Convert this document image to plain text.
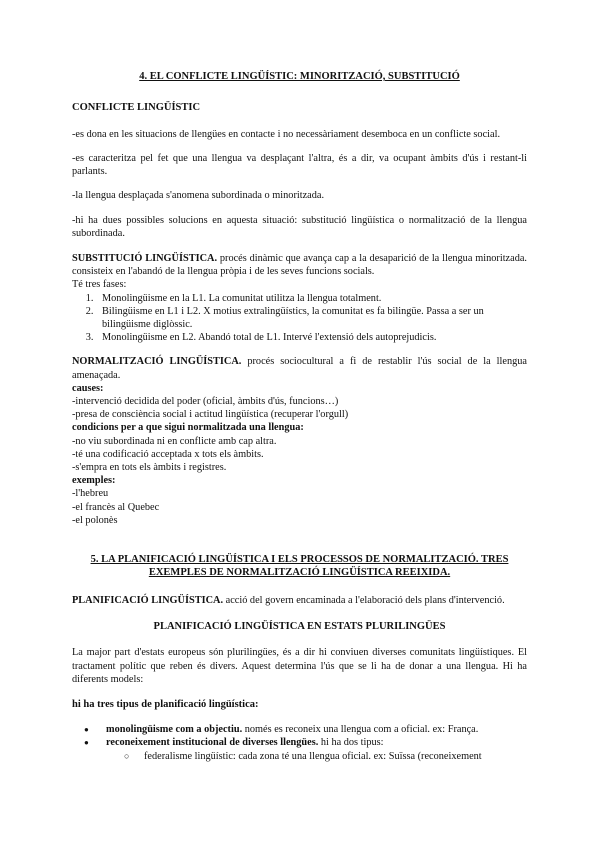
4. EL CONFLICTE LINGÜÍSTIC: MINORITZACIÓ, SUBSTITUCIÓ
CONFLICTE LINGÜÍSTIC

-es dona en les situacions de llengües en contacte i no necessàriament desemboca en un conflicte social.

-es caracteritza pel fet que una llengua va desplaçant l'altra, és a dir, va ocupant àmbits d'ús i restant-li parlants.

-la llengua desplaçada s'anomena subordinada o minoritzada.

-hi ha dues possibles solucions en aquesta situació: substitució lingüística o normalització de la llengua subordinada.

SUBSTITUCIÓ LINGÜÍSTICA. procés dinàmic que avança cap a la desaparició de la llengua minoritzada. consisteix en l'abandó de la llengua pròpia i de les seves funcions socials.

Té tres fases:
1. Monolingüisme en la L1. La comunitat utilitza la llengua totalment.
2. Bilingüisme en L1 i L2. X motius extralingüístics, la comunitat es fa bilingüe. Passa a ser un bilingüisme diglòssic.
3. Monolingüisme en L2. Abandó total de L1. Intervé l'extensió dels autoprejudicis.

NORMALITZACIÓ LINGÜÍSTICA. procés sociocultural a fi de restablir l'ús social de la llengua amenaçada.

causes:
-intervenció decidida del poder (oficial, àmbits d'ús, funcions…)
-presa de consciència social i actitud lingüística (recuperar l'orgull)
condicions per a que sigui normalitzada una llengua:
-no viu subordinada ni en conflicte amb cap altra.
-té una codificació acceptada x tots els àmbits.
-s'empra en tots els àmbits i registres.
exemples:
-l'hebreu
-el francès al Quebec
-el polonès
5. LA PLANIFICACIÓ LINGÜÍSTICA I ELS PROCESSOS DE NORMALITZACIÓ. TRES
EXEMPLES DE NORMALITZACIÓ LINGÜÍSTICA REEIXIDA.

PLANIFICACIÓ LINGÜÍSTICA. acció del govern encaminada a l'elaboració dels plans d'intervenció.

PLANIFICACIÓ LINGÜÍSTICA EN ESTATS PLURILINGÜES

La major part d'estats europeus són plurilingües, és a dir hi conviuen diverses comunitats lingüístiques. El tractament polític que reben és divers. Aquest determina l'ús que se li ha de donar a una llengua. Hi ha diferents models:

hi ha tres tipus de planificació lingüística:
● monolingüisme com a objectiu. només es reconeix una llengua com a oficial. ex: França.
● reconeixement institucional de diverses llengües. hi ha dos tipus:
○ federalisme lingüístic: cada zona té una llengua oficial. ex: Suïssa (reconeixement
